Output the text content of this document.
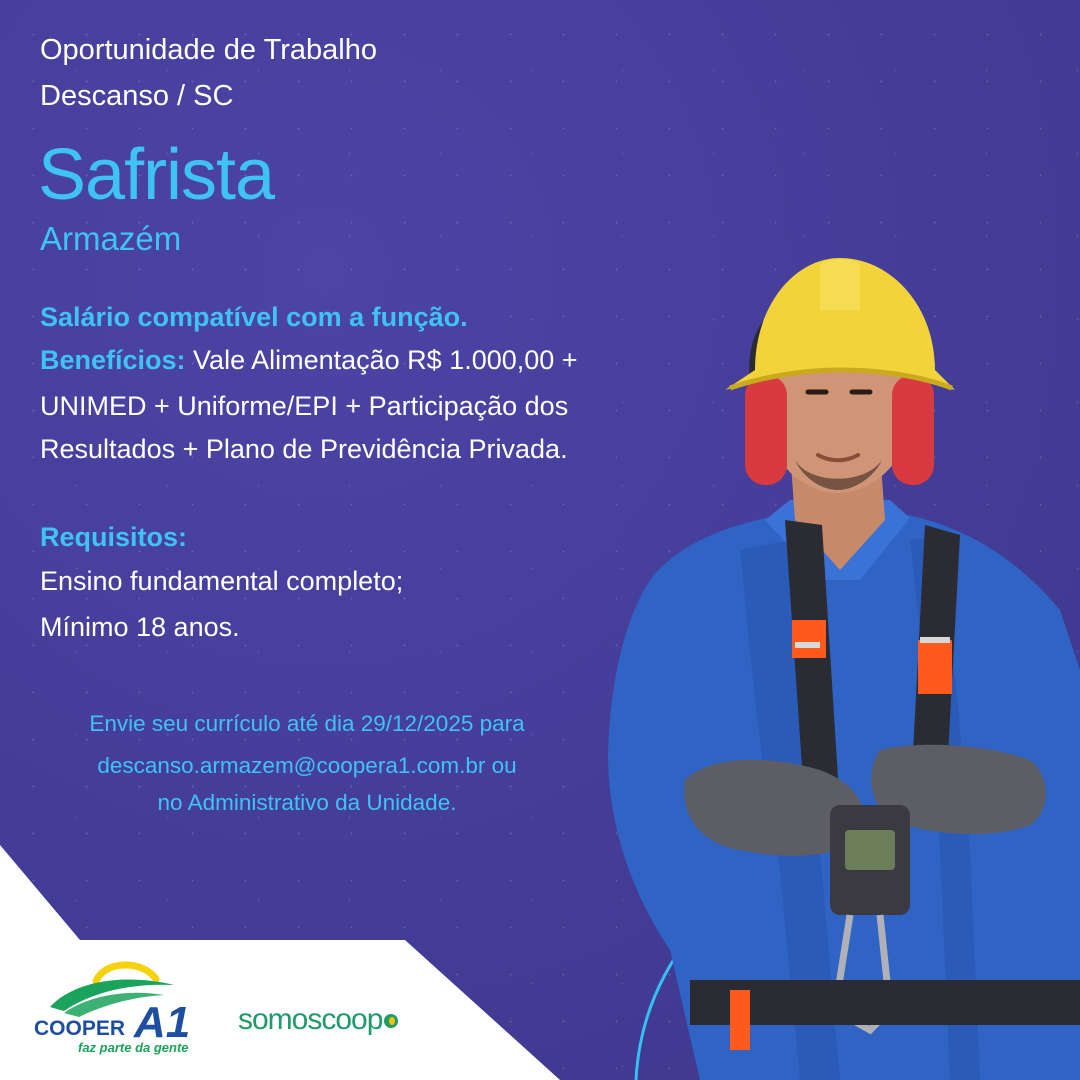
Oportunidade de Trabalho

Descanso / SC

Safrista

Armazém

Salário compatível com a função.

Benefícios: Vale Alimentação R$ 1.000,00 +

UNIMED + Uniforme/EPI + Participação dos

Resultados + Plano de Previdência Privada.

Requisitos:

Ensino fundamental completo;

Mínimo 18 anos.

Envie seu currículo até dia 29/12/2025 para

descanso.armazem@coopera1.com.br ou

no Administrativo da Unidade.

COOPER A1
faz parte da gente
somoscoop
